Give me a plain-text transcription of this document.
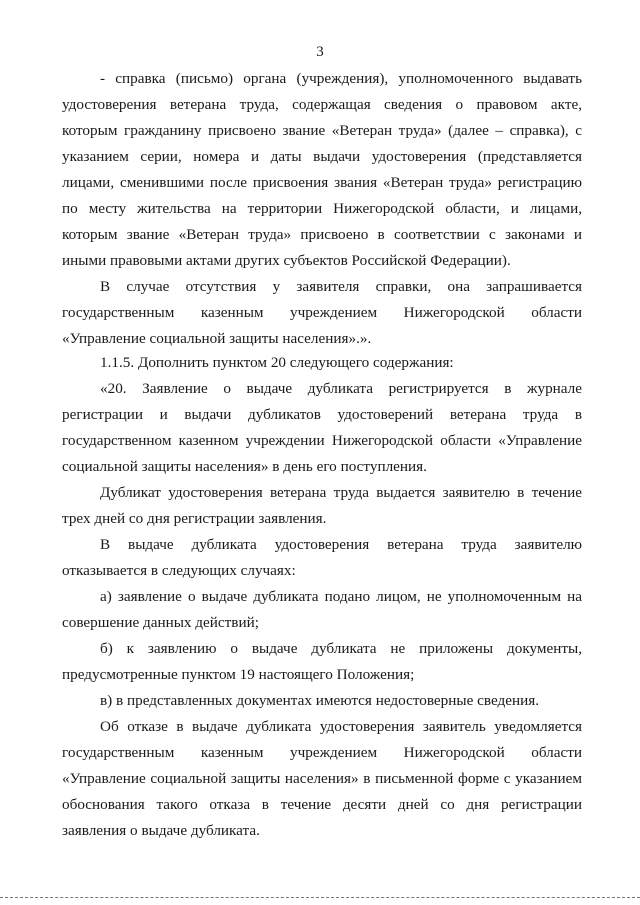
3
- справка (письмо) органа (учреждения), уполномоченного выдавать
удостоверения ветерана труда, содержащая сведения о правовом акте,
которым гражданину присвоено звание «Ветеран труда» (далее – справка), с
указанием серии, номера и даты выдачи удостоверения (представляется
лицами, сменившими после присвоения звания «Ветеран труда» регистрацию
по месту жительства на территории Нижегородской области, и лицами,
которым звание «Ветеран труда» присвоено в соответствии с законами и
иными правовыми актами других субъектов Российской Федерации).
В случае отсутствия у заявителя справки, она запрашивается
государственным казенным учреждением Нижегородской области
«Управление социальной защиты населения».».
1.1.5. Дополнить пунктом 20 следующего содержания:
«20. Заявление о выдаче дубликата регистрируется в журнале
регистрации и выдачи дубликатов удостоверений ветерана труда в
государственном казенном учреждении Нижегородской области «Управление
социальной защиты населения» в день его поступления.
Дубликат удостоверения ветерана труда выдается заявителю в течение
трех дней со дня регистрации заявления.
В выдаче дубликата удостоверения ветерана труда заявителю
отказывается в следующих случаях:
а) заявление о выдаче дубликата подано лицом, не уполномоченным на
совершение данных действий;
б) к заявлению о выдаче дубликата не приложены документы,
предусмотренные пунктом 19 настоящего Положения;
в) в представленных документах имеются недостоверные сведения.
Об отказе в выдаче дубликата удостоверения заявитель уведомляется
государственным казенным учреждением Нижегородской области
«Управление социальной защиты населения» в письменной форме с указанием
обоснования такого отказа в течение десяти дней со дня регистрации
заявления о выдаче дубликата.
